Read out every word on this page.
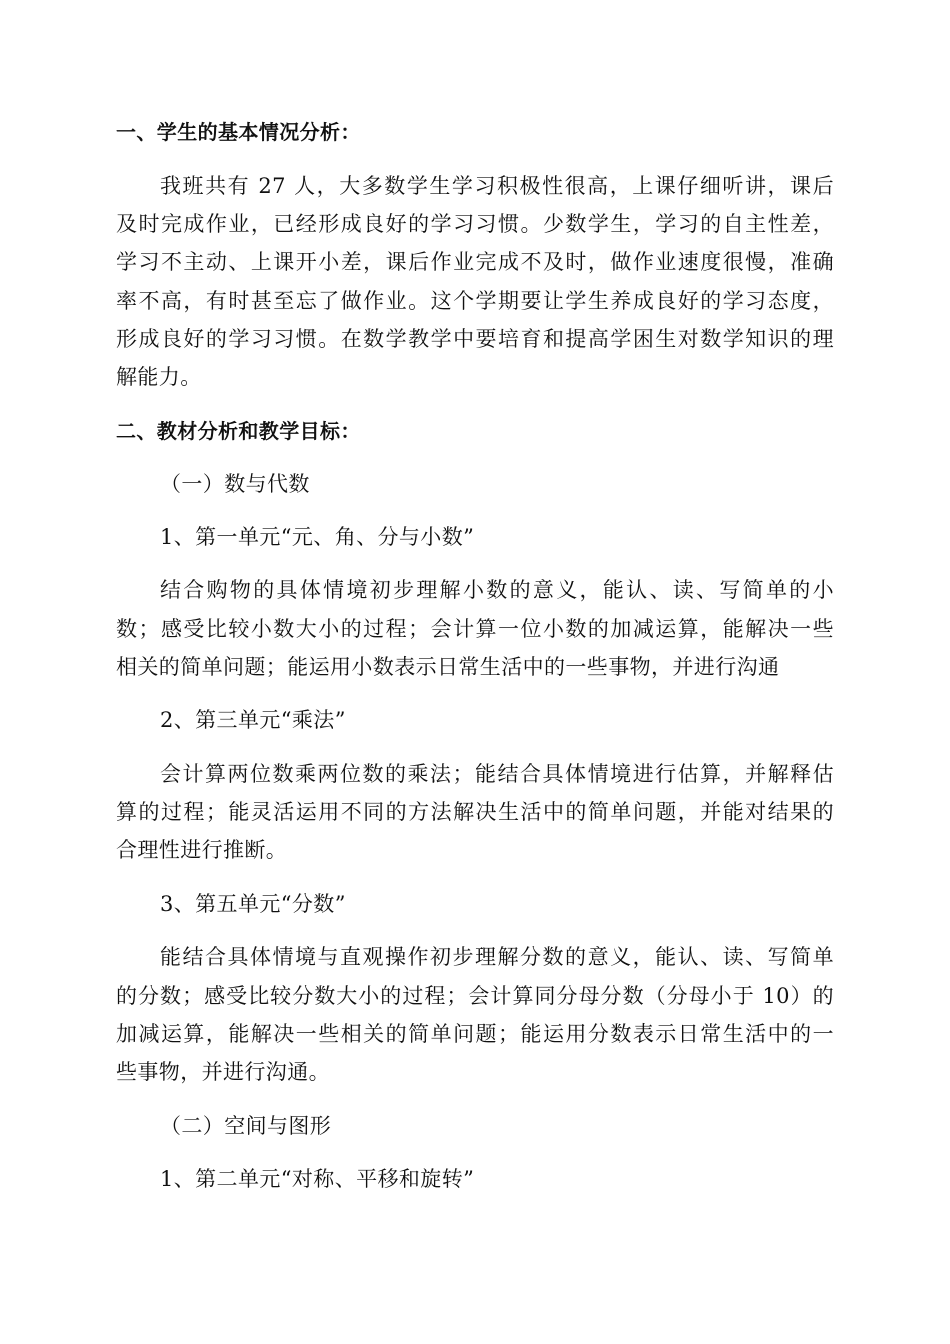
一、学生的基本情况分析：
我班共有 27 人，大多数学生学习积极性很高，上课仔细听讲，课后
及时完成作业，已经形成良好的学习习惯。少数学生，学习的自主性差，
学习不主动、上课开小差，课后作业完成不及时，做作业速度很慢，准确
率不高，有时甚至忘了做作业。这个学期要让学生养成良好的学习态度，
形成良好的学习习惯。在数学教学中要培育和提高学困生对数学知识的理
解能力。
二、教材分析和教学目标：
（一）数与代数
1、第一单元“元、角、分与小数”
结合购物的具体情境初步理解小数的意义，能认、读、写简单的小
数；感受比较小数大小的过程；会计算一位小数的加减运算，能解决一些
相关的简单问题；能运用小数表示日常生活中的一些事物，并进行沟通
2、第三单元“乘法”
会计算两位数乘两位数的乘法；能结合具体情境进行估算，并解释估
算的过程；能灵活运用不同的方法解决生活中的简单问题，并能对结果的
合理性进行推断。
3、第五单元“分数”
能结合具体情境与直观操作初步理解分数的意义，能认、读、写简单
的分数；感受比较分数大小的过程；会计算同分母分数（分母小于 10）的
加减运算，能解决一些相关的简单问题；能运用分数表示日常生活中的一
些事物，并进行沟通。
（二）空间与图形
1、第二单元“对称、平移和旋转”
